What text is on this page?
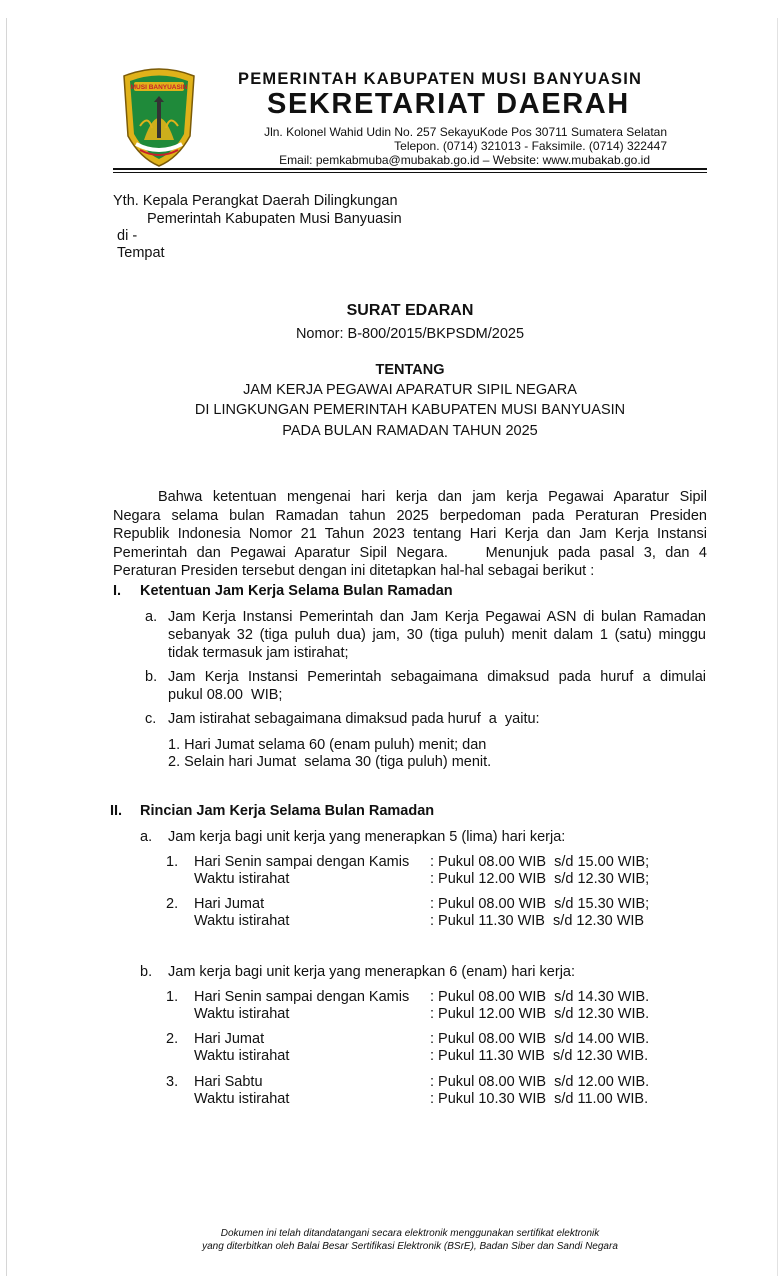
MUSI BANYUASIN	PEMERINTAH KABUPATEN MUSI BANYUASIN
SEKRETARIAT DAERAH
Jln. Kolonel Wahid Udin No. 257 SekayuKode Pos 30711 Sumatera Selatan
Telepon. (0714) 321013 - Faksimile. (0714) 322447
Email: pemkabmuba@mubakab.go.id – Website: www.mubakab.go.id
Yth. Kepala Perangkat Daerah Dilingkungan
Pemerintah Kabupaten Musi Banyuasin
di -
Tempat
SURAT EDARAN
Nomor: B-800/2015/BKPSDM/2025
TENTANG
JAM KERJA PEGAWAI APARATUR SIPIL NEGARA
DI LINGKUNGAN PEMERINTAH KABUPATEN MUSI BANYUASIN
PADA BULAN RAMADAN TAHUN 2025
Bahwa ketentuan mengenai hari kerja dan jam kerja Pegawai Aparatur Sipil
Negara selama bulan Ramadan tahun 2025 berpedoman pada Peraturan Presiden
Republik Indonesia Nomor 21 Tahun 2023 tentang Hari Kerja dan Jam Kerja Instansi
Pemerintah dan Pegawai Aparatur Sipil Negara.    Menunjuk pada pasal 3, dan 4
Peraturan Presiden tersebut dengan ini ditetapkan hal-hal sebagai berikut :
I. Ketentuan Jam Kerja Selama Bulan Ramadan
a. Jam Kerja Instansi Pemerintah dan Jam Kerja Pegawai ASN di bulan Ramadan
sebanyak 32 (tiga puluh dua) jam, 30 (tiga puluh) menit dalam 1 (satu) minggu
tidak termasuk jam istirahat;
b. Jam Kerja Instansi Pemerintah sebagaimana dimaksud pada huruf a dimulai
pukul 08.00  WIB;
c. Jam istirahat sebagaimana dimaksud pada huruf  a  yaitu:
1. Hari Jumat selama 60 (enam puluh) menit; dan
2. Selain hari Jumat  selama 30 (tiga puluh) menit.
II. Rincian Jam Kerja Selama Bulan Ramadan
a. Jam kerja bagi unit kerja yang menerapkan 5 (lima) hari kerja:
1. Hari Senin sampai dengan Kamis : Pukul 08.00 WIB  s/d 15.00 WIB;
Waktu istirahat	: Pukul 12.00 WIB  s/d 12.30 WIB;
2. Hari Jumat	: Pukul 08.00 WIB  s/d 15.30 WIB;
Waktu istirahat	: Pukul 11.30 WIB  s/d 12.30 WIB
b. Jam kerja bagi unit kerja yang menerapkan 6 (enam) hari kerja:
1. Hari Senin sampai dengan Kamis : Pukul 08.00 WIB  s/d 14.30 WIB.
Waktu istirahat	: Pukul 12.00 WIB  s/d 12.30 WIB.
2. Hari Jumat	: Pukul 08.00 WIB  s/d 14.00 WIB.
Waktu istirahat	: Pukul 11.30 WIB  s/d 12.30 WIB.
3. Hari Sabtu	: Pukul 08.00 WIB  s/d 12.00 WIB.
Waktu istirahat	: Pukul 10.30 WIB  s/d 11.00 WIB.
Dokumen ini telah ditandatangani secara elektronik menggunakan sertifikat elektronik
yang diterbitkan oleh Balai Besar Sertifikasi Elektronik (BSrE), Badan Siber dan Sandi Negara
